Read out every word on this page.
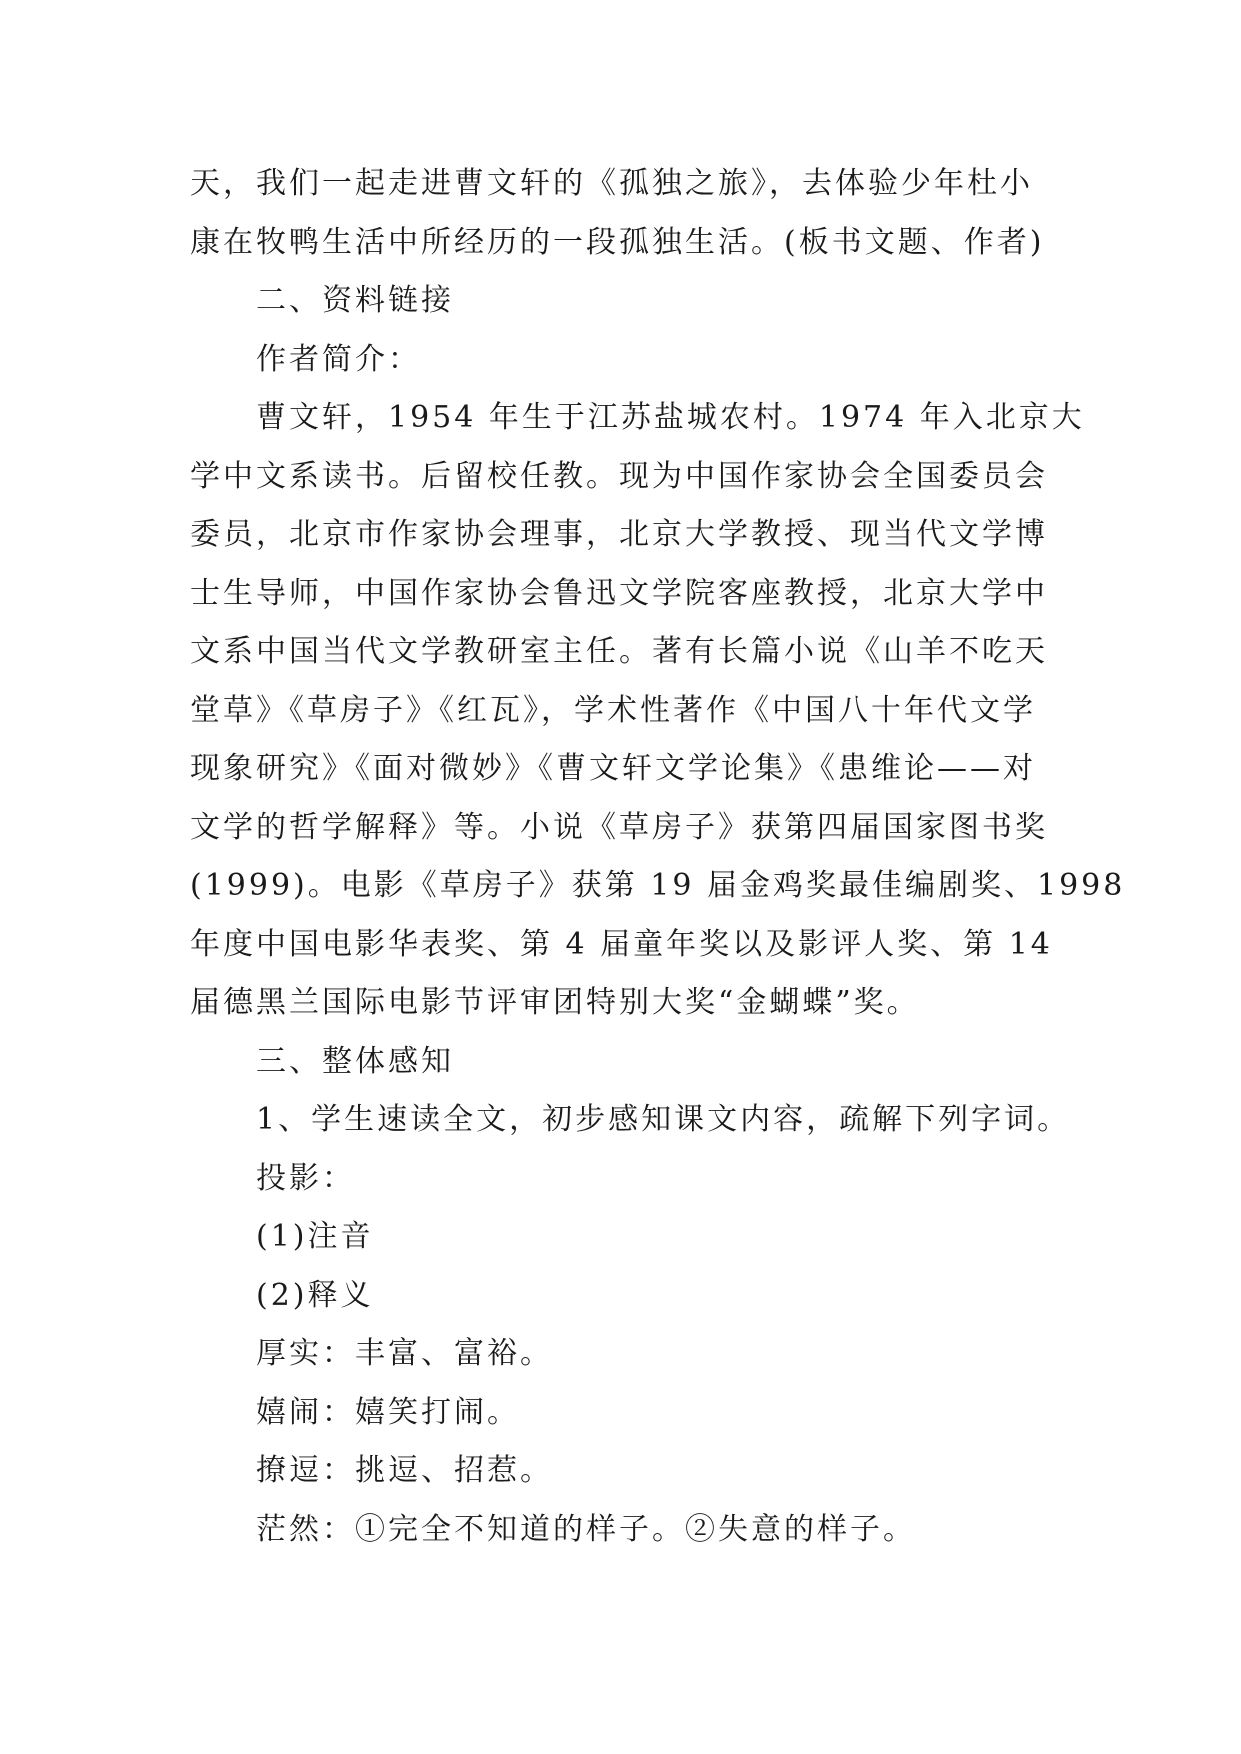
天，我们一起走进曹文轩的《孤独之旅》，去体验少年杜小
康在牧鸭生活中所经历的一段孤独生活。(板书文题、作者)
二、资料链接
作者简介：
曹文轩，1954 年生于江苏盐城农村。1974 年入北京大
学中文系读书。后留校任教。现为中国作家协会全国委员会
委员，北京市作家协会理事，北京大学教授、现当代文学博
士生导师，中国作家协会鲁迅文学院客座教授，北京大学中
文系中国当代文学教研室主任。著有长篇小说《山羊不吃天
堂草》《草房子》《红瓦》，学术性著作《中国八十年代文学
现象研究》《面对微妙》《曹文轩文学论集》《患维论——对
文学的哲学解释》等。小说《草房子》获第四届国家图书奖
(1999)。电影《草房子》获第 19 届金鸡奖最佳编剧奖、1998
年度中国电影华表奖、第 4 届童年奖以及影评人奖、第 14
届德黑兰国际电影节评审团特别大奖“金蝴蝶”奖。
三、整体感知
1、学生速读全文，初步感知课文内容，疏解下列字词。
投影：
(1)注音
(2)释义
厚实：丰富、富裕。
嬉闹：嬉笑打闹。
撩逗：挑逗、招惹。
茫然：①完全不知道的样子。②失意的样子。
